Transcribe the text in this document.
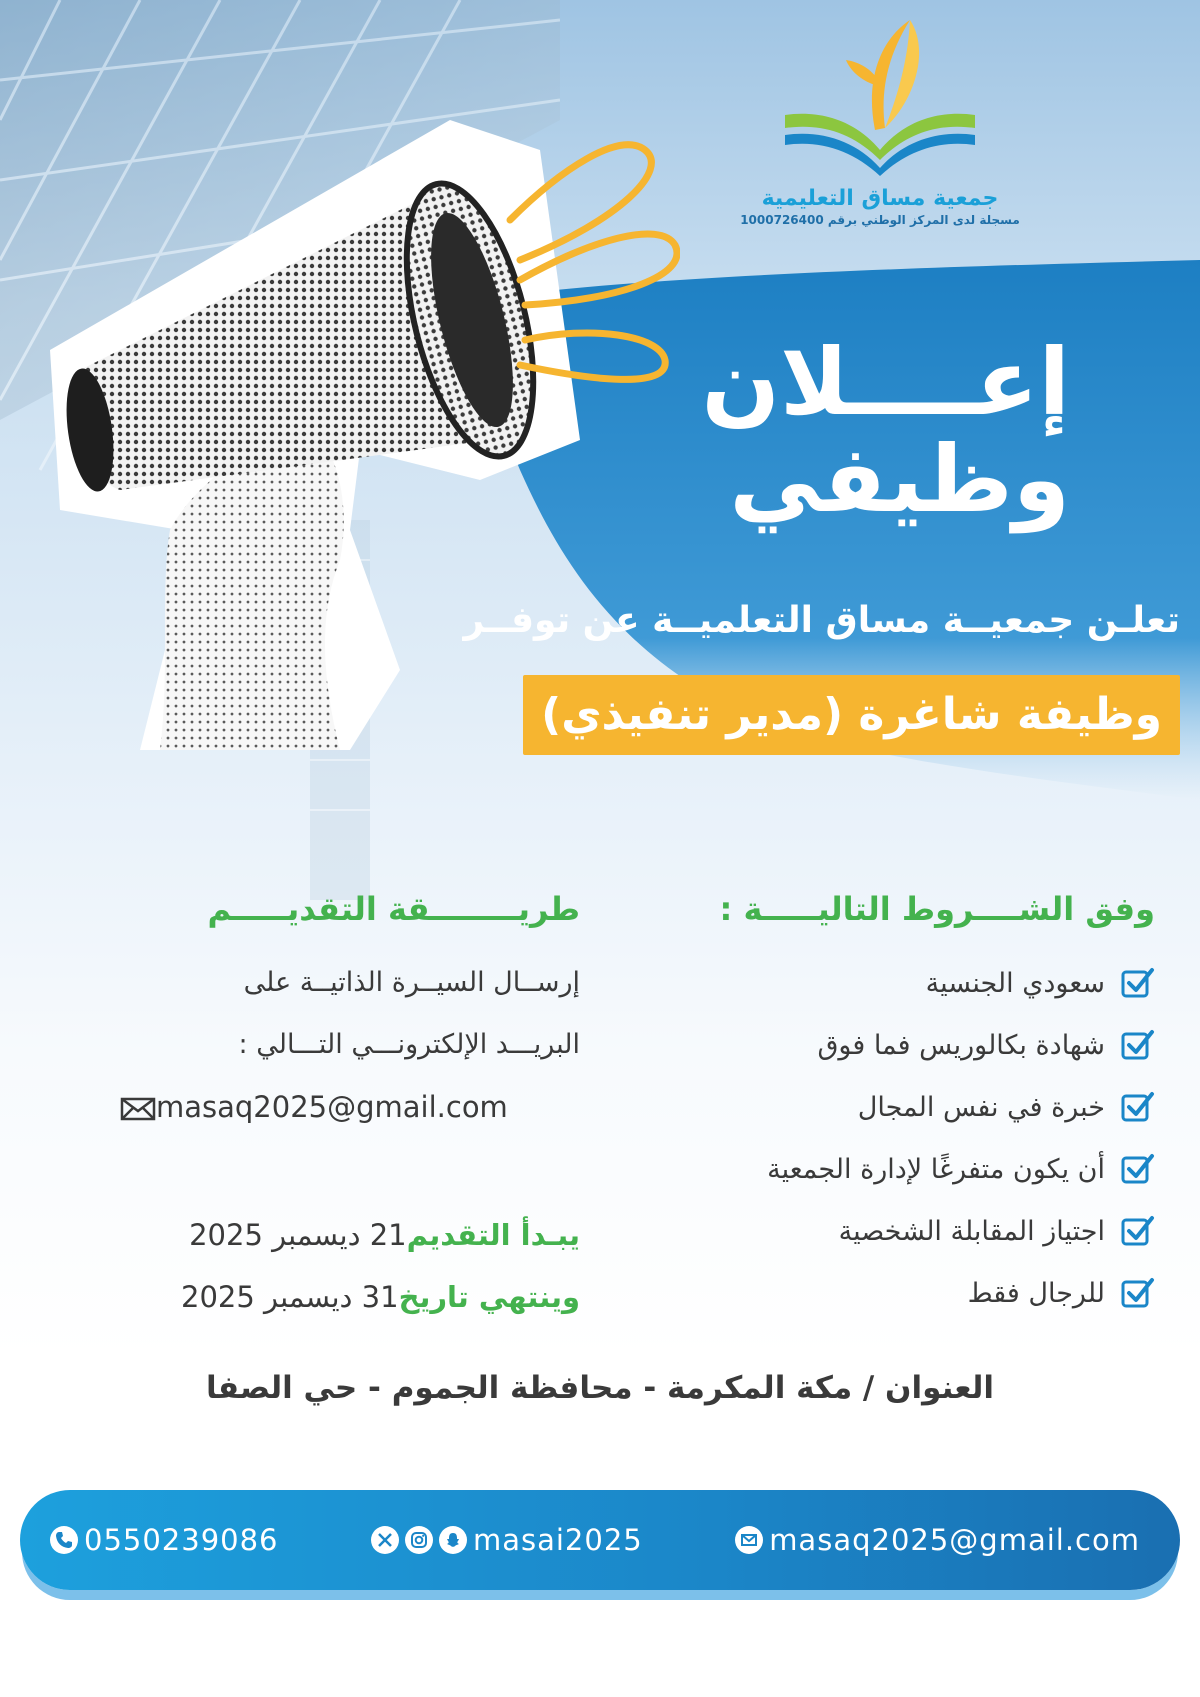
جمعية مساق التعليمية
مسجلة لدى المركز الوطني برقم 1000726400
إعــــلان
وظيفي
تعلـن جمعيــة مساق التعلميــة عن توفــر
وظيفة شاغرة (مدير تنفيذي)
وفق الشــــروط التاليـــــة :
سعودي الجنسية
شهادة بكالوريس فما فوق
خبرة في نفس المجال
أن يكون متفرغًا لإدارة الجمعية
اجتياز المقابلة الشخصية
للرجال فقط
طريــــــــقة التقديـــــم
إرســال السيــرة الذاتيــة على
البريـــد الإلكترونـــي التـــالي :
masaq2025@gmail.com
يبـدأ التقديم21 ديسمبر 2025
وينتهي تاريخ31 ديسمبر 2025
العنوان / مكة المكرمة - محافظة الجموم - حي الصفا
0550239086	masai2025	masaq2025@gmail.com
